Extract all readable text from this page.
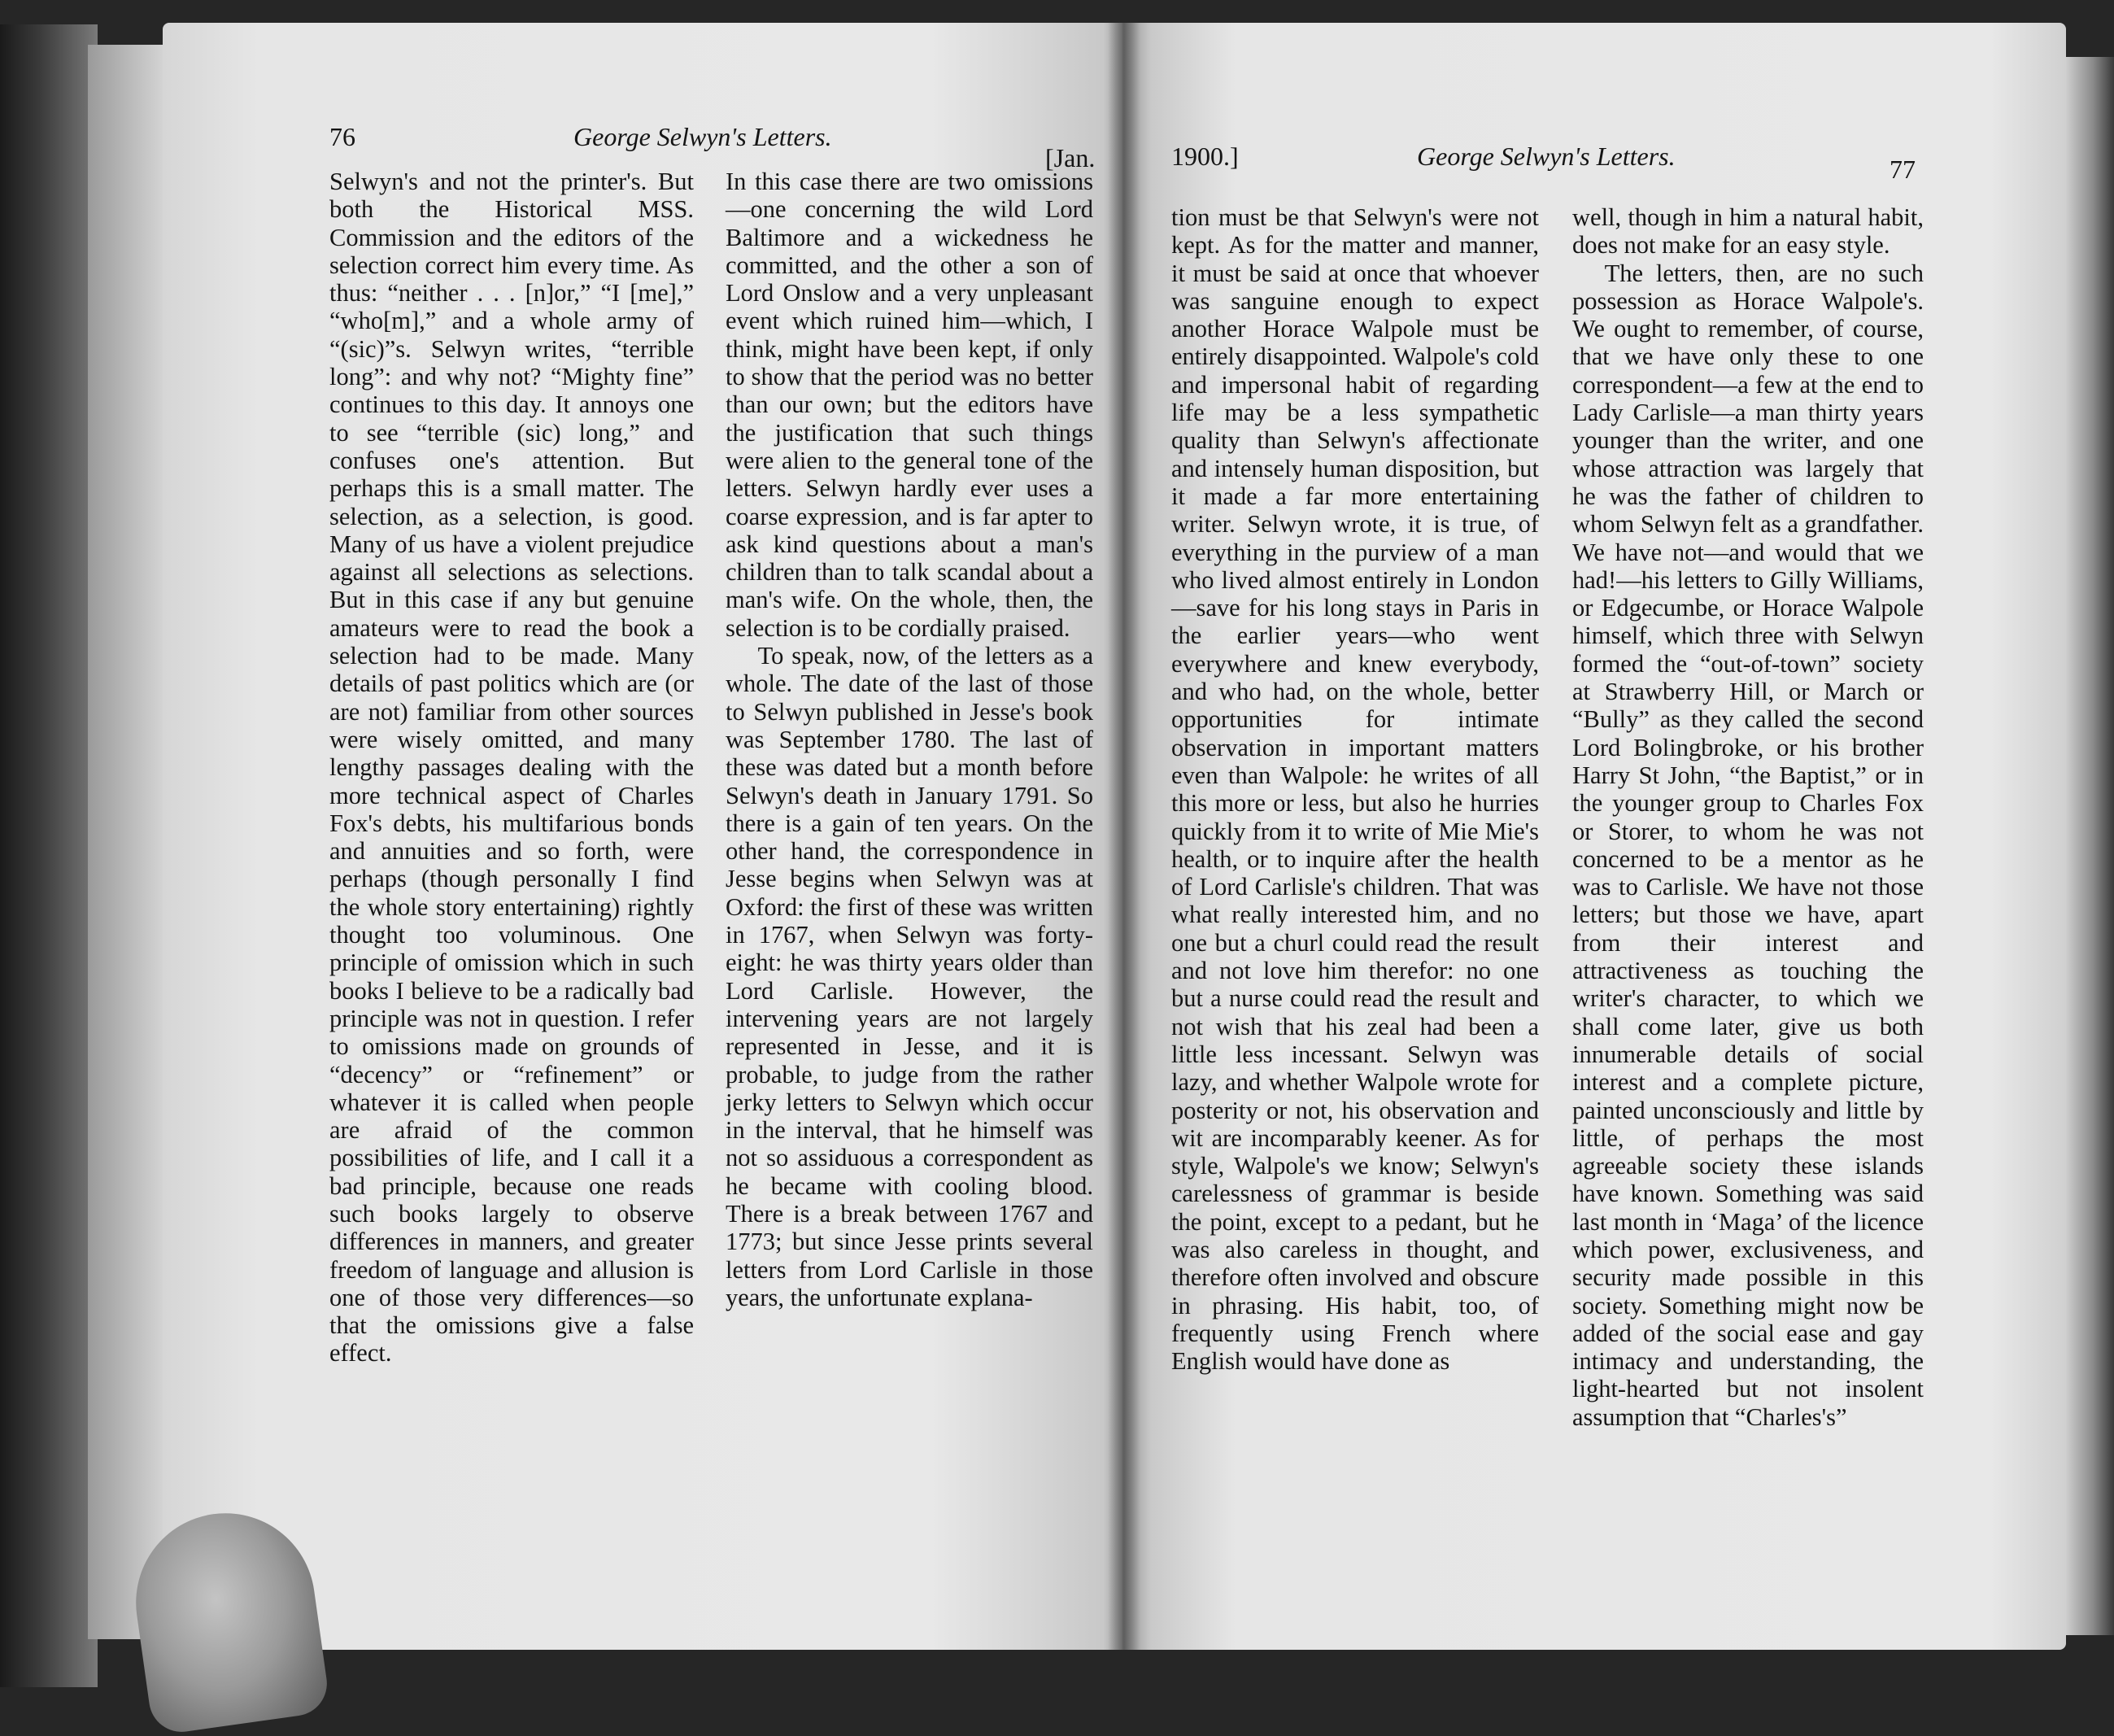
76	George Selwyn's Letters.
[Jan.

Selwyn's and not the printer's. But both the Historical MSS. Commission and the editors of the selection correct him every time. As thus: “neither . . . [n]or,” “I [me],” “who[m],” and a whole army of “(sic)”s. Selwyn writes, “terrible long”: and why not? “Mighty fine” continues to this day. It annoys one to see “terrible (sic) long,” and confuses one's attention. But perhaps this is a small matter. The selection, as a selection, is good. Many of us have a violent prejudice against all selections as selections. But in this case if any but genuine amateurs were to read the book a selection had to be made. Many details of past politics which are (or are not) familiar from other sources were wisely omitted, and many lengthy passages dealing with the more technical aspect of Charles Fox's debts, his multifarious bonds and annuities and so forth, were perhaps (though personally I find the whole story entertaining) rightly thought too voluminous. One principle of omission which in such books I believe to be a radically bad principle was not in question. I refer to omissions made on grounds of “decency” or “refinement” or whatever it is called when people are afraid of the common possibilities of life, and I call it a bad principle, because one reads such books largely to observe differences in manners, and greater freedom of language and allusion is one of those very differences—so that the omissions give a false effect.

In this case there are two omissions—one concerning the wild Lord Baltimore and a wickedness he committed, and the other a son of Lord Onslow and a very unpleasant event which ruined him—which, I think, might have been kept, if only to show that the period was no better than our own; but the editors have the justification that such things were alien to the general tone of the letters. Selwyn hardly ever uses a coarse expression, and is far apter to ask kind questions about a man's children than to talk scandal about a man's wife. On the whole, then, the selection is to be cordially praised.

To speak, now, of the letters as a whole. The date of the last of those to Selwyn published in Jesse's book was September 1780. The last of these was dated but a month before Selwyn's death in January 1791. So there is a gain of ten years. On the other hand, the correspondence in Jesse begins when Selwyn was at Oxford: the first of these was written in 1767, when Selwyn was forty-eight: he was thirty years older than Lord Carlisle. However, the intervening years are not largely represented in Jesse, and it is probable, to judge from the rather jerky letters to Selwyn which occur in the interval, that he himself was not so assiduous a correspondent as he became with cooling blood. There is a break between 1767 and 1773; but since Jesse prints several letters from Lord Carlisle in those years, the unfortunate explana-

1900.]	George Selwyn's Letters.	77

tion must be that Selwyn's were not kept. As for the matter and manner, it must be said at once that whoever was sanguine enough to expect another Horace Walpole must be entirely disappointed. Walpole's cold and impersonal habit of regarding life may be a less sympathetic quality than Selwyn's affectionate and intensely human disposition, but it made a far more entertaining writer. Selwyn wrote, it is true, of everything in the purview of a man who lived almost entirely in London—save for his long stays in Paris in the earlier years—who went everywhere and knew everybody, and who had, on the whole, better opportunities for intimate observation in important matters even than Walpole: he writes of all this more or less, but also he hurries quickly from it to write of Mie Mie's health, or to inquire after the health of Lord Carlisle's children. That was what really interested him, and no one but a churl could read the result and not love him therefor: no one but a nurse could read the result and not wish that his zeal had been a little less incessant. Selwyn was lazy, and whether Walpole wrote for posterity or not, his observation and wit are incomparably keener. As for style, Walpole's we know; Selwyn's carelessness of grammar is beside the point, except to a pedant, but he was also careless in thought, and therefore often involved and obscure in phrasing. His habit, too, of frequently using French where English would have done as

well, though in him a natural habit, does not make for an easy style.

The letters, then, are no such possession as Horace Walpole's. We ought to remember, of course, that we have only these to one correspondent—a few at the end to Lady Carlisle—a man thirty years younger than the writer, and one whose attraction was largely that he was the father of children to whom Selwyn felt as a grandfather. We have not—and would that we had!—his letters to Gilly Williams, or Edgecumbe, or Horace Walpole himself, which three with Selwyn formed the “out-of-town” society at Strawberry Hill, or March or “Bully” as they called the second Lord Bolingbroke, or his brother Harry St John, “the Baptist,” or in the younger group to Charles Fox or Storer, to whom he was not concerned to be a mentor as he was to Carlisle. We have not those letters; but those we have, apart from their interest and attractiveness as touching the writer's character, to which we shall come later, give us both innumerable details of social interest and a complete picture, painted unconsciously and little by little, of perhaps the most agreeable society these islands have known. Something was said last month in ‘Maga’ of the licence which power, exclusiveness, and security made possible in this society. Something might now be added of the social ease and gay intimacy and understanding, the light-hearted but not insolent assumption that “Charles's”
